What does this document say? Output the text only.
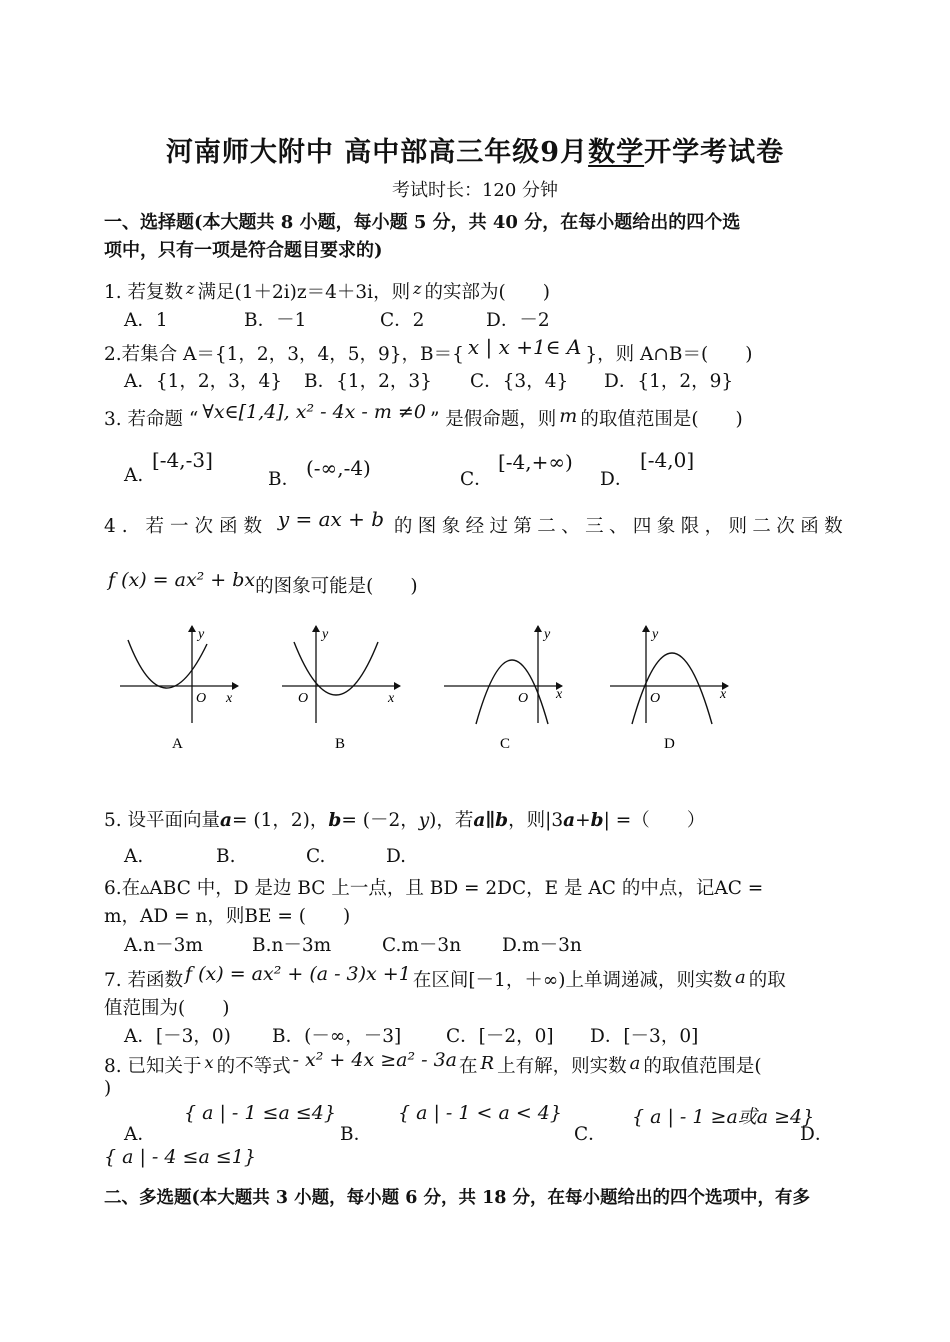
河南师大附中 高中部高三年级9月数学开学考试卷
考试时长：120 分钟
一、选择题(本大题共 8 小题，每小题 5 分，共 40 分，在每小题给出的四个选
项中，只有一项是符合题目要求的)
1. 若复数 z 满足(1＋2i)z＝4＋3i，则 z 的实部为(　　)
A．1	B．－1	C．2	D．－2
2.若集合 A＝{1，2，3，4，5，9}，B＝{ x | x +1∈ A }，则 A∩B＝(　　)
A．{1，2，3，4} B．{1，2，3} C．{3，4} D．{1，2，9}
3. 若命题 “ ∀x∈[1,4], x² - 4x - m ≠0 ” 是假命题，则 m 的取值范围是(　　)
A.
[-4,-3]
B． (-∞,-4)	C．
[-4,+∞)
D．
[-4,0]
4. 若一次函数 y = ax + b 的图象经过第二、三、四象限，则二次函数
f (x) = ax² + bx的图象可能是(　　)
y
x
O
A
y
x
O
B
y
x
O
C
y
x
O
D
5. 设平面向量a= (1，2)，b= (－2，y)，若a∥b，则|3a+b| =（　　）
A.	B.	C.	D.
6.在▵ABC 中，D 是边 BC 上一点，且 BD = 2DC，E 是 AC 的中点，记AC =
m，AD = n，则BE = (　　)
A.n－3m	B.n－3m	C.m－3n D.m－3n
7. 若函数 f (x) = ax² + (a - 3)x +1 在区间[－1，＋∞)上单调递减，则实数 a 的取
值范围为(　　)
A．[－3，0) B．(－∞，－3] C．[－2，0] D．[－3，0]
8. 已知关于 x 的不等式 - x² + 4x ≥a² - 3a 在 R 上有解，则实数 a 的取值范围是(
)
A．
{ a | - 1 ≤a ≤4}
B．
{ a | - 1 < a < 4}
C．
{ a | - 1 ≥a或a ≥4}
D．
{ a | - 4 ≤a ≤1}
二、多选题(本大题共 3 小题，每小题 6 分，共 18 分，在每小题给出的四个选项中，有多
